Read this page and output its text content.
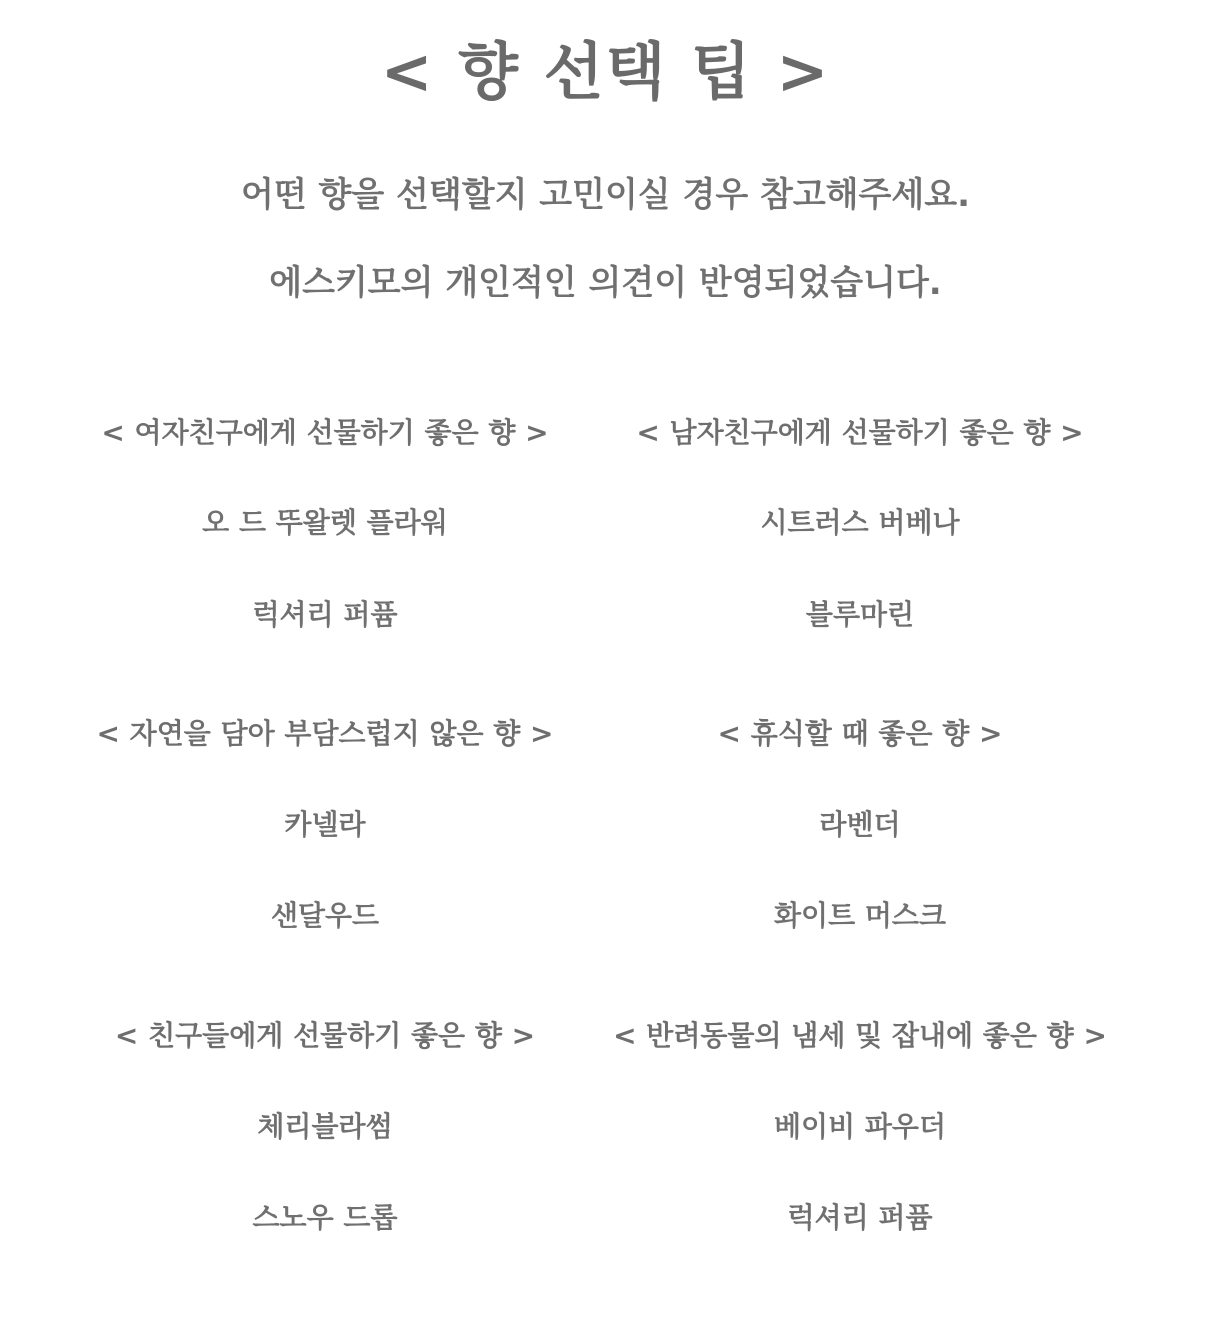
< 향 선택 팁 >
어떤 향을 선택할지 고민이실 경우 참고해주세요.
에스키모의 개인적인 의견이 반영되었습니다.
< 여자친구에게 선물하기 좋은 향 >
오 드 뚜왈렛 플라워
럭셔리 퍼퓸
< 남자친구에게 선물하기 좋은 향 >
시트러스 버베나
블루마린
< 자연을 담아 부담스럽지 않은 향 >
카넬라
샌달우드
< 휴식할 때 좋은 향 >
라벤더
화이트 머스크
< 친구들에게 선물하기 좋은 향 >
체리블라썸
스노우 드롭
< 반려동물의 냄세 및 잡내에 좋은 향 >
베이비 파우더
럭셔리 퍼퓸
